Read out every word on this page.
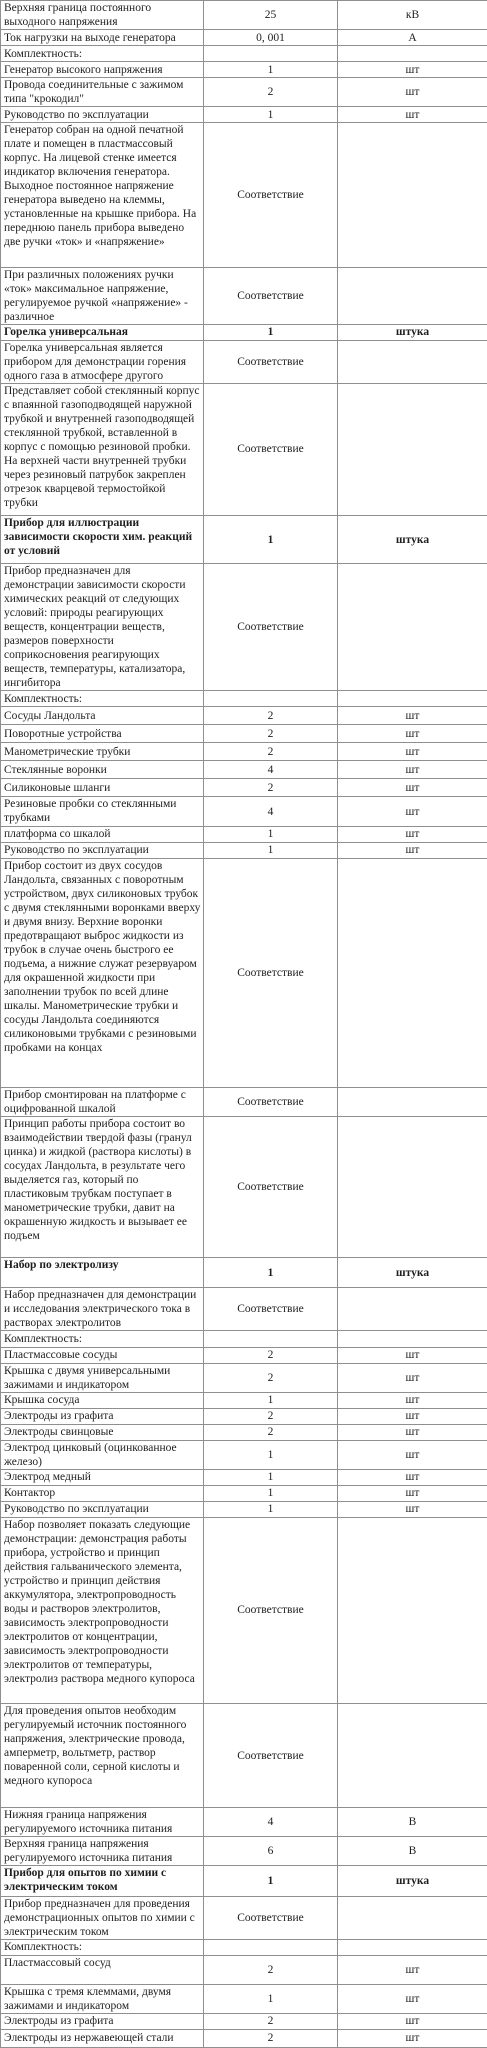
Верхняя граница постоянного выходного напряжения	25	кВ
Ток нагрузки на выходе генератора	0, 001	А
Комплектность:		
Генератор высокого напряжения	1	шт
Провода соединительные с зажимом типа "крокодил"	2	шт
Руководство по эксплуатации	1	шт
Генератор собран на одной печатной плате и помещен в пластмассовый корпус. На лицевой стенке имеется индикатор включения генератора. Выходное постоянное напряжение генератора выведено на клеммы, установленные на крышке прибора. На переднюю панель прибора выведено две ручки «ток» и «напряжение»	Соответствие	
При различных положениях ручки «ток» максимальное напряжение, регулируемое ручкой «напряжение» - различное	Соответствие	
Горелка универсальная	1	штука
Горелка универсальная является прибором для демонстрации горения одного газа в атмосфере другого	Соответствие	
Представляет собой стеклянный корпус с впаянной газоподводящей наружной трубкой и внутренней газоподводящей стеклянной трубкой, вставленной в корпус с помощью резиновой пробки. На верхней части внутренней трубки через резиновый патрубок закреплен отрезок кварцевой термостойкой трубки	Соответствие	
Прибор для иллюстрации зависимости скорости хим. реакций от условий	1	штука
Прибор предназначен для демонстрации зависимости скорости химических реакций от следующих условий: природы реагирующих веществ, концентрации веществ, размеров поверхности соприкосновения реагирующих веществ, температуры, катализатора, ингибитора	Соответствие	
Комплектность:		
Сосуды Ландольта	2	шт
Поворотные устройства	2	шт
Манометрические трубки	2	шт
Стеклянные воронки	4	шт
Силиконовые шланги	2	шт
Резиновые пробки со стеклянными трубками	4	шт
платформа со шкалой	1	шт
Руководство по эксплуатации	1	шт
Прибор состоит из двух сосудов Ландольта, связанных с поворотным устройством, двух силиконовых трубок с двумя стеклянными воронками вверху и двумя внизу. Верхние воронки предотвращают выброс жидкости из трубок в случае очень быстрого ее подъема, а нижние служат резервуаром для окрашенной жидкости при заполнении трубок по всей длине шкалы. Манометрические трубки и сосуды Ландольта соединяются силиконовыми трубками с резиновыми пробками на концах	Соответствие	
Прибор смонтирован на платформе с оцифрованной шкалой	Соответствие	
Принцип работы прибора состоит во взаимодействии твердой фазы (гранул цинка) и жидкой (раствора кислоты) в сосудах Ландольта, в результате чего выделяется газ, который по пластиковым трубкам поступает в манометрические трубки, давит на окрашенную жидкость и вызывает ее подъем	Соответствие	
Набор по электролизу	1	штука
Набор предназначен для демонстрации и исследования электрического тока в растворах электролитов	Соответствие	
Комплектность:		
Пластмассовые сосуды	2	шт
Крышка с двумя универсальными зажимами и индикатором	2	шт
Крышка сосуда	1	шт
Электроды из графита	2	шт
Электроды свинцовые	2	шт
Электрод цинковый (оцинкованное железо)	1	шт
Электрод медный	1	шт
Контактор	1	шт
Руководство по эксплуатации	1	шт
Набор позволяет показать следующие демонстрации: демонстрация работы прибора, устройство и принцип действия гальванического элемента, устройство и принцип действия аккумулятора, электропроводность воды и растворов электролитов, зависимость электропроводности электролитов от концентрации, зависимость электропроводности электролитов от температуры, электролиз раствора медного купороса	Соответствие	
Для проведения опытов необходим регулируемый источник постоянного напряжения, электрические провода, амперметр, вольтметр, раствор поваренной соли, серной кислоты и медного купороса	Соответствие	
Нижняя граница напряжения регулируемого источника питания	4	В
Верхняя граница напряжения регулируемого источника питания	6	В
Прибор для опытов по химии с электрическим током	1	штука
Прибор предназначен для проведения демонстрационных опытов по химии с электрическим током	Соответствие	
Комплектность:		
Пластмассовый сосуд	2	шт
Крышка с тремя клеммами, двумя зажимами и индикатором	1	шт
Электроды из графита	2	шт
Электроды из нержавеющей стали	2	шт
